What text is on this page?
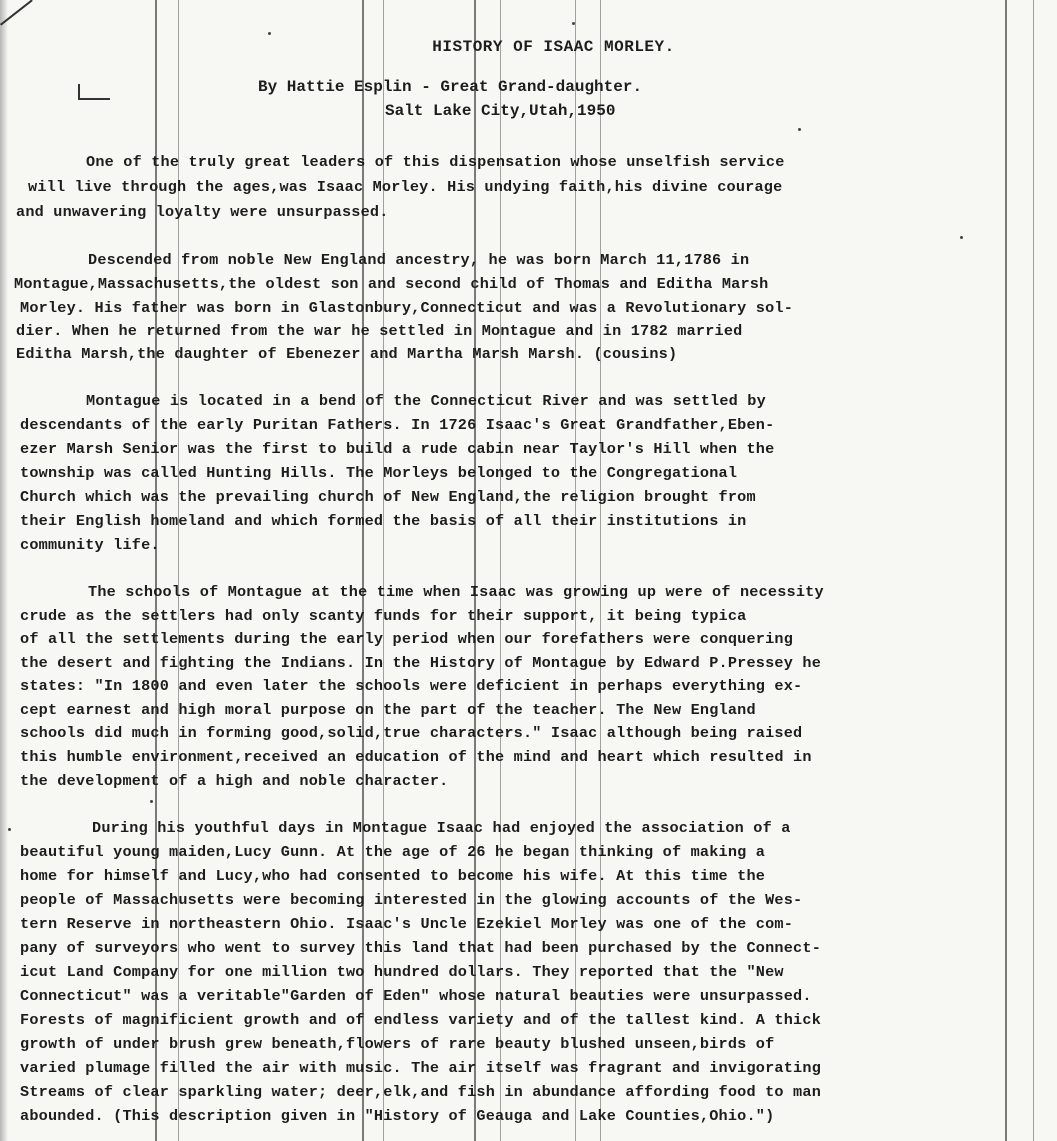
HISTORY OF ISAAC MORLEY.
By Hattie Esplin - Great Grand-daughter.
Salt Lake City,Utah,1950
One of the truly great leaders of this dispensation whose unselfish service
will live through the ages,was Isaac Morley. His undying faith,his divine courage
and unwavering loyalty were unsurpassed.
Descended from noble New England ancestry, he was born March 11,1786 in
Montague,Massachusetts,the oldest son and second child of Thomas and Editha Marsh
Morley. His father was born in Glastonbury,Connecticut and was a Revolutionary sol-
dier. When he returned from the war he settled in Montague and in 1782 married
Editha Marsh,the daughter of Ebenezer and Martha Marsh Marsh. (cousins)
Montague is located in a bend of the Connecticut River and was settled by
descendants of the early Puritan Fathers. In 1726 Isaac's Great Grandfather,Eben-
ezer Marsh Senior was the first to build a rude cabin near Taylor's Hill when the
township was called Hunting Hills. The Morleys belonged to the Congregational
Church which was the prevailing church of New England,the religion brought from
their English homeland and which formed the basis of all their institutions in
community life.
The schools of Montague at the time when Isaac was growing up were of necessity
crude as the settlers had only scanty funds for their support, it being typica
of all the settlements during the early period when our forefathers were conquering
the desert and fighting the Indians. In the History of Montague by Edward P.Pressey he
states: "In 1800 and even later the schools were deficient in perhaps everything ex-
cept earnest and high moral purpose on the part of the teacher. The New England
schools did much in forming good,solid,true characters." Isaac although being raised
this humble environment,received an education of the mind and heart which resulted in
the development of a high and noble character.
During his youthful days in Montague Isaac had enjoyed the association of a
beautiful young maiden,Lucy Gunn. At the age of 26 he began thinking of making a
home for himself and Lucy,who had consented to become his wife. At this time the
people of Massachusetts were becoming interested in the glowing accounts of the Wes-
tern Reserve in northeastern Ohio. Isaac's Uncle Ezekiel Morley was one of the com-
pany of surveyors who went to survey this land that had been purchased by the Connect-
icut Land Company for one million two hundred dollars. They reported that the "New
Connecticut" was a veritable"Garden of Eden" whose natural beauties were unsurpassed.
Forests of magnificient growth and of endless variety and of the tallest kind. A thick
growth of under brush grew beneath,flowers of rare beauty blushed unseen,birds of
varied plumage filled the air with music. The air itself was fragrant and invigorating
Streams of clear sparkling water; deer,elk,and fish in abundance affording food to man
abounded. (This description given in "History of Geauga and Lake Counties,Ohio.")
